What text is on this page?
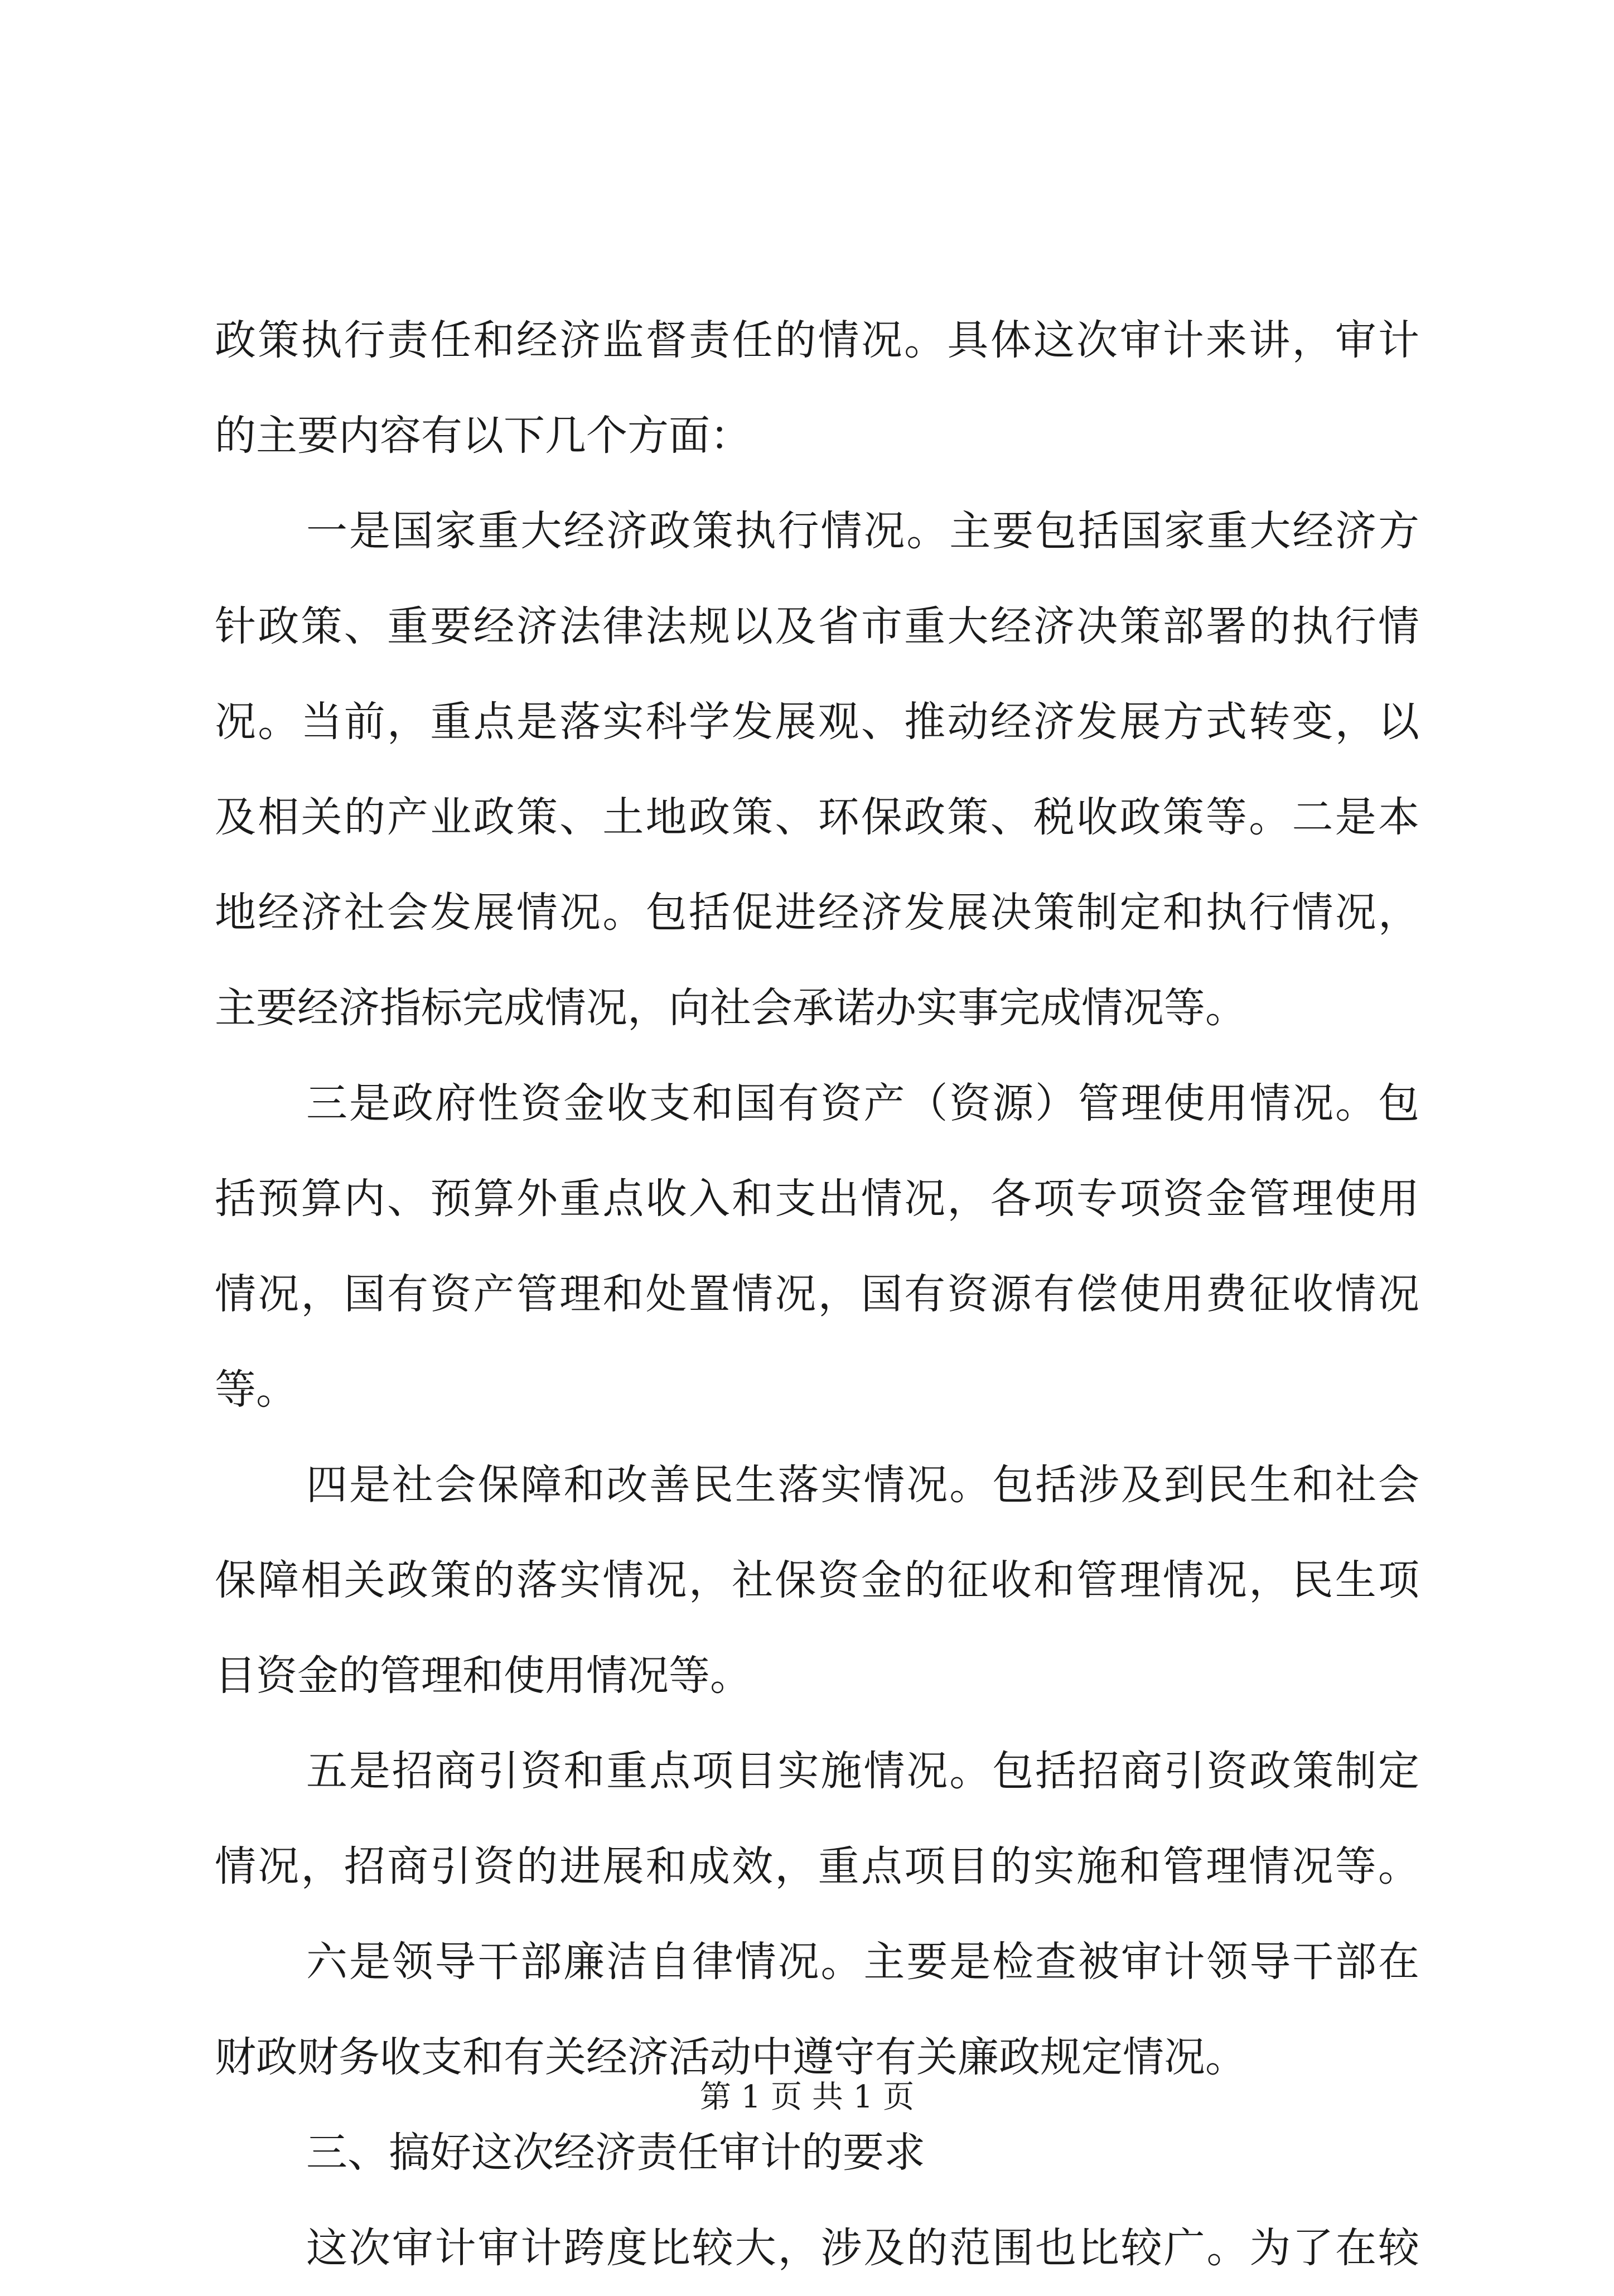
政策执行责任和经济监督责任的情况。具体这次审计来讲，审计
的主要内容有以下几个方面：
一是国家重大经济政策执行情况。主要包括国家重大经济方
针政策、重要经济法律法规以及省市重大经济决策部署的执行情
况。当前，重点是落实科学发展观、推动经济发展方式转变，以
及相关的产业政策、土地政策、环保政策、税收政策等。二是本
地经济社会发展情况。包括促进经济发展决策制定和执行情况，
主要经济指标完成情况，向社会承诺办实事完成情况等。
三是政府性资金收支和国有资产（资源）管理使用情况。包
括预算内、预算外重点收入和支出情况，各项专项资金管理使用
情况，国有资产管理和处置情况，国有资源有偿使用费征收情况
等。
四是社会保障和改善民生落实情况。包括涉及到民生和社会
保障相关政策的落实情况，社保资金的征收和管理情况，民生项
目资金的管理和使用情况等。
五是招商引资和重点项目实施情况。包括招商引资政策制定
情况，招商引资的进展和成效，重点项目的实施和管理情况等。
六是领导干部廉洁自律情况。主要是检查被审计领导干部在
财政财务收支和有关经济活动中遵守有关廉政规定情况。
三、搞好这次经济责任审计的要求
这次审计审计跨度比较大，涉及的范围也比较广。为了在较
第 1 页 共 1 页
